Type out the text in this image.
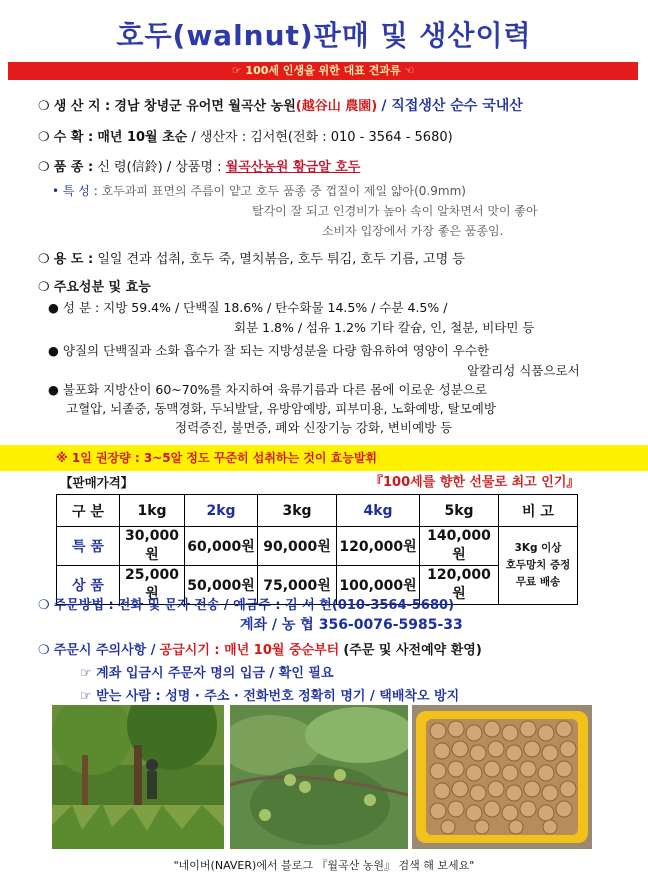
호두(walnut)판매 및 생산이력
☞ 100세 인생을 위한 대표 견과류 ☜
❍ 생 산 지 : 경남 창녕군 유어면 월곡산 농원(越谷山 農園) / 직접생산 순수 국내산
❍ 수 확 : 매년 10월 초순 / 생산자 : 김서현(전화 : 010 - 3564 - 5680)
❍ 품 종 : 신 령(信鈴) / 상품명 : 월곡산농원 황금알 호두
• 특 성 : 호두과피 표면의 주름이 얕고 호두 품종 중 껍질이 제일 얇아(0.9mm)
탈각이 잘 되고 인경비가 높아 속이 알차면서 맛이 좋아
소비자 입장에서 가장 좋은 품종임.
❍ 용 도 : 일일 견과 섭취, 호두 죽, 멸치볶음, 호두 튀김, 호두 기름, 고명 등
❍ 주요성분 및 효능
● 성 분 : 지방 59.4% / 단백질 18.6% / 탄수화물 14.5% / 수분 4.5% /
회분 1.8% / 섬유 1.2% 기타 칼슘, 인, 철분, 비타민 등
● 양질의 단백질과 소화 흡수가 잘 되는 지방성분을 다량 함유하여 영양이 우수한
알칼리성 식품으로서
● 불포화 지방산이 60~70%를 차지하여 육류기름과 다른 몸에 이로운 성분으로
고혈압, 뇌졸중, 동맥경화, 두뇌발달, 유방암예방, 피부미용, 노화예방, 탈모예방
정력증진, 불면증, 폐와 신장기능 강화, 변비예방 등
※ 1일 권장량 : 3~5알 정도 꾸준히 섭취하는 것이 효능발휘
【판매가격】	『100세를 향한 선물로 최고 인기』
구 분	1kg	2kg	3kg	4kg	5kg	비 고
특 품	30,000원	60,000원	90,000원	120,000원	140,000원	3Kg 이상
호두망치 증정
무료 배송

상 품	25,000원	50,000원	75,000원	100,000원	120,000원	
❍ 주문방법 : 전화 및 문자 전송 / 예금주 : 김 서 현(010-3564-5680)
계좌 / 농 협 356-0076-5985-33
❍ 주문시 주의사항 / 공급시기 : 매년 10월 중순부터 (주문 및 사전예약 환영)
☞ 계좌 입금시 주문자 명의 입금 / 확인 필요
☞ 받는 사람 : 성명 · 주소 · 전화번호 정확히 명기 / 택배착오 방지
"네이버(NAVER)에서 블로그 『월곡산 농원』 검색 해 보세요"
